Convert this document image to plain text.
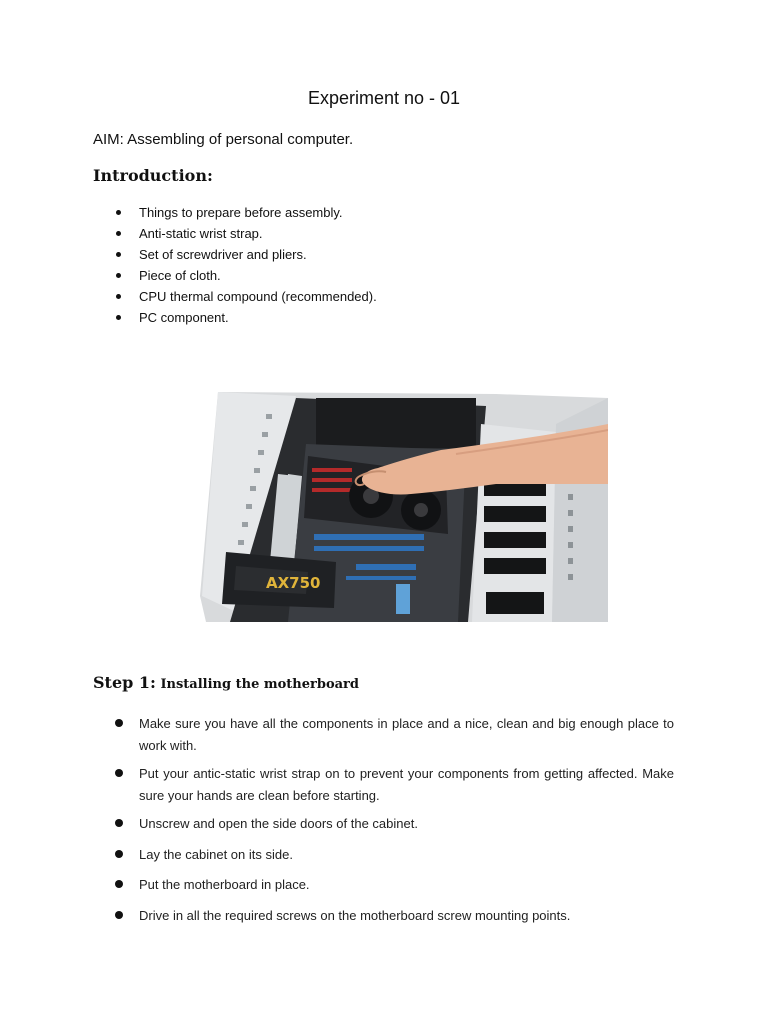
Experiment no - 01
AIM: Assembling of personal computer.
Introduction:
Things to prepare before assembly.
Anti-static wrist strap.
Set of screwdriver and pliers.
Piece of cloth.
CPU thermal compound (recommended).
PC component.
AX750
Step 1: Installing the motherboard
Make sure you have all the components in place and a nice, clean and big enough place to work with.
Put your antic-static wrist strap on to prevent your components from getting affected. Make sure your hands are clean before starting.
Unscrew and open the side doors of the cabinet.
Lay the cabinet on its side.
Put the motherboard in place.
Drive in all the required screws on the motherboard screw mounting points.
